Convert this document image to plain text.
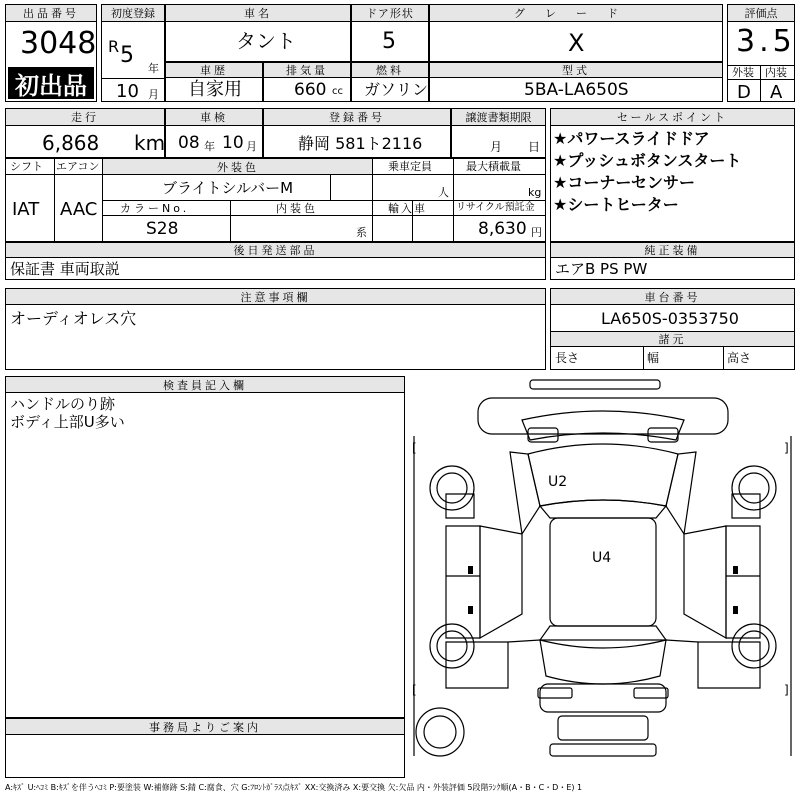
出品番号
3048
初出品
初度登録
R 5
年
10 月
車名
タント
ドア形状
5
グレード
X
評価点
3.5
外装 内装
D A
車歴
自家用
排気量
660 cc
燃料
ガソリン
型式
5BA-LA650S
走行
6,868 km
車検
08 年 10 月
登録番号
静岡 581ト2116
譲渡書類期限
月 日
セールスポイント
★パワースライドドア
★プッシュボタンスタート
★コーナーセンサー
★シートヒーター
シフト エアコン
IAT AAC
外装色	乗車定員	最大積載量
ブライトシルバーM	人	kg
カラーNo.	内装色	輸入車	リサイクル預託金
S28	系	8,630 円
後日発送部品
保証書 車両取説
純正装備
エアB PS PW
注意事項欄
オーディオレス穴
車台番号
LA650S-0353750
諸元
長さ	幅	高さ
検査員記入欄
ハンドルのり跡
ボディ上部U多い
事務局よりご案内
U2
U4
[	]
[	]
A:ｷｽﾞ U:ﾍｺﾐ B:ｷｽﾞを伴うﾍｺﾐ P:要塗装 W:補修跡 S:錆 C:腐食、穴 G:ﾌﾛﾝﾄｶﾞﾗｽ点ｷｽﾞ XX:交換済み X:要交換 欠:欠品 内・外装評価 5段階ﾗﾝｸ順(A・B・C・D・E) 1
